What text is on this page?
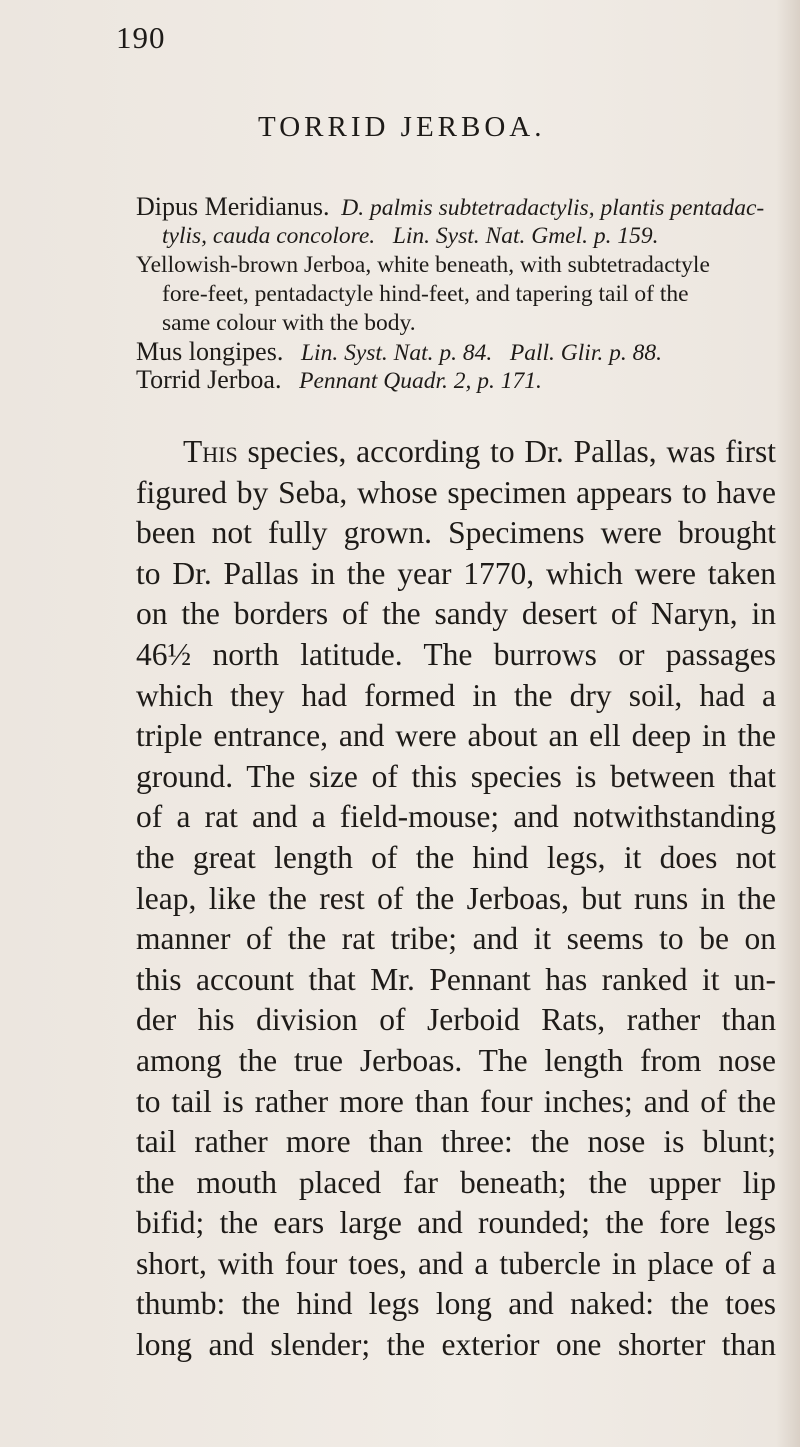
190
TORRID JERBOA.
Dipus Meridianus. D. palmis subtetradactylis, plantis pentadac-
tylis, cauda concolore. Lin. Syst. Nat. Gmel. p. 159.
Yellowish-brown Jerboa, white beneath, with subtetradactyle
fore-feet, pentadactyle hind-feet, and tapering tail of the
same colour with the body.
Mus longipes. Lin. Syst. Nat. p. 84. Pall. Glir. p. 88.
Torrid Jerboa. Pennant Quadr. 2, p. 171.
This species, according to Dr. Pallas, was first
figured by Seba, whose specimen appears to have
been not fully grown. Specimens were brought
to Dr. Pallas in the year 1770, which were taken
on the borders of the sandy desert of Naryn, in
46½ north latitude. The burrows or passages
which they had formed in the dry soil, had a
triple entrance, and were about an ell deep in the
ground. The size of this species is between that
of a rat and a field-mouse; and notwithstanding
the great length of the hind legs, it does not
leap, like the rest of the Jerboas, but runs in the
manner of the rat tribe; and it seems to be on
this account that Mr. Pennant has ranked it un-
der his division of Jerboid Rats, rather than
among the true Jerboas. The length from nose
to tail is rather more than four inches; and of the
tail rather more than three: the nose is blunt;
the mouth placed far beneath; the upper lip
bifid; the ears large and rounded; the fore legs
short, with four toes, and a tubercle in place of a
thumb: the hind legs long and naked: the toes
long and slender; the exterior one shorter than
